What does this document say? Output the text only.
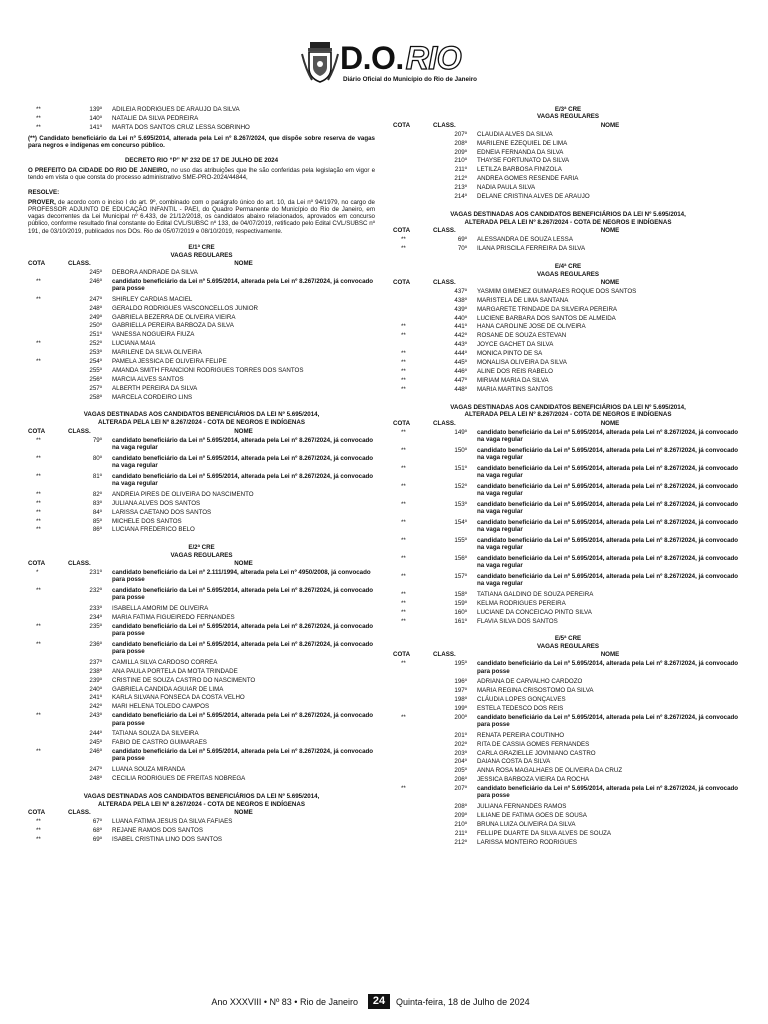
D.O.RIO
Diário Oficial do Município do Rio de Janeiro
**	139º	ADILEIA RODRIGUES DE ARAUJO DA SILVA
**	140º	NATALIE DA SILVA PEDREIRA
**	141º	MARTA DOS SANTOS CRUZ LESSA SOBRINHO
(**) Candidato beneficiário da Lei nº 5.695/2014, alterada pela Lei nº 8.267/2024, que dispõe sobre reserva de vagas para negros e indígenas em concurso público.
DECRETO RIO “P” Nº 232 DE 17 DE JULHO DE 2024
O PREFEITO DA CIDADE DO RIO DE JANEIRO, no uso das atribuições que lhe são conferidas pela legislação em vigor e tendo em vista o que consta do processo administrativo SME-PRO-2024/44844,
RESOLVE:
PROVER, de acordo com o inciso I do art. 9º, combinado com o parágrafo único do art. 10, da Lei nº 94/1979, no cargo de PROFESSOR ADJUNTO DE EDUCAÇÃO INFANTIL - PAEI, do Quadro Permanente do Município do Rio de Janeiro, em vagas decorrentes da Lei Municipal nº 6.433, de 21/12/2018, os candidatos abaixo relacionados, aprovados em concurso público, conforme resultado final constante do Edital CVL/SUBSC nº 133, de 04/07/2019, retificado pelo Edital CVL/SUBSC nº 191, de 03/10/2019, publicados nos DOs. Rio de 05/07/2019 e 08/10/2019, respectivamente.
E/1ª CRE
VAGAS REGULARES
COTA	CLASS.	NOME
245º	DEBORA ANDRADE DA SILVA
**	246º	candidato beneficiário da Lei nº 5.695/2014, alterada pela Lei nº 8.267/2024, já convocado para posse
**	247º	SHIRLEY CARDIAS MACIEL
248º	GERALDO RODRIGUES VASCONCELLOS JUNIOR
249º	GABRIELA BEZERRA DE OLIVEIRA VIEIRA
250º	GABRIELLA PEREIRA BARBOZA DA SILVA
251º	VANESSA NOGUEIRA FIUZA
**	252º	LUCIANA MAIA
253º	MARILENE DA SILVA OLIVEIRA
**	254º	PAMELA JESSICA DE OLIVEIRA FELIPE
255º	AMANDA SMITH FRANCIONI RODRIGUES TORRES DOS SANTOS
256º	MARCIA ALVES SANTOS
257º	ALBERTH PEREIRA DA SILVA
258º	MARCELA CORDEIRO LINS
VAGAS DESTINADAS AOS CANDIDATOS BENEFICIÁRIOS DA LEI Nº 5.695/2014,
ALTERADA PELA LEI Nº 8.267/2024 - COTA DE NEGROS E INDÍGENAS
COTA	CLASS.	NOME
**	79º	candidato beneficiário da Lei nº 5.695/2014, alterada pela Lei nº 8.267/2024, já convocado na vaga regular
**	80º	candidato beneficiário da Lei nº 5.695/2014, alterada pela Lei nº 8.267/2024, já convocado na vaga regular
**	81º	candidato beneficiário da Lei nº 5.695/2014, alterada pela Lei nº 8.267/2024, já convocado na vaga regular
**	82º	ANDREIA PIRES DE OLIVEIRA DO NASCIMENTO
**	83º	JULIANA ALVES DOS SANTOS
**	84º	LARISSA CAETANO DOS SANTOS
**	85º	MICHELE DOS SANTOS
**	86º	LUCIANA FREDERICO BELO
E/2ª CRE
VAGAS REGULARES
COTA	CLASS.	NOME
*	231º	candidato beneficiário da Lei nº 2.111/1994, alterada pela Lei nº 4950/2008, já convocado para posse
**	232º	candidato beneficiário da Lei nº 5.695/2014, alterada pela Lei nº 8.267/2024, já convocado para posse
233º	ISABELLA AMORIM DE OLIVEIRA
234º	MARIA FATIMA FIGUEIREDO FERNANDES
**	235º	candidato beneficiário da Lei nº 5.695/2014, alterada pela Lei nº 8.267/2024, já convocado para posse
**	236º	candidato beneficiário da Lei nº 5.695/2014, alterada pela Lei nº 8.267/2024, já convocado para posse
237º	CAMILLA SILVA CARDOSO CORREA
238º	ANA PAULA PORTELA DA MOTA TRINDADE
239º	CRISTINE DE SOUZA CASTRO DO NASCIMENTO
240º	GABRIELA CANDIDA AGUIAR DE LIMA
241º	KARLA SILVANA FONSECA DA COSTA VELHO
242º	MARI HELENA TOLEDO CAMPOS
**	243º	candidato beneficiário da Lei nº 5.695/2014, alterada pela Lei nº 8.267/2024, já convocado para posse
244º	TATIANA SOUZA DA SILVEIRA
245º	FABIO DE CASTRO GUIMARAES
**	246º	candidato beneficiário da Lei nº 5.695/2014, alterada pela Lei nº 8.267/2024, já convocado para posse
247º	LUANA SOUZA MIRANDA
248º	CECILIA RODRIGUES DE FREITAS NOBREGA
VAGAS DESTINADAS AOS CANDIDATOS BENEFICIÁRIOS DA LEI Nº 5.695/2014,
ALTERADA PELA LEI Nº 8.267/2024 - COTA DE NEGROS E INDÍGENAS
COTA	CLASS.	NOME
**	67º	LUANA FATIMA JESUS DA SILVA FAFIAES
**	68º	REJANE RAMOS DOS SANTOS
**	69º	ISABEL CRISTINA LINO DOS SANTOS
E/3ª CRE
VAGAS REGULARES
COTA	CLASS.	NOME
207º	CLAUDIA ALVES DA SILVA
208º	MARILENE EZEQUIEL DE LIMA
209º	EDNEIA FERNANDA DA SILVA
210º	THAYSE FORTUNATO DA SILVA
211º	LETILZA BARBOSA FINIZOLA
212º	ANDREA GOMES RESENDE FARIA
213º	NADIA PAULA SILVA
214º	DELANE CRISTINA ALVES DE ARAUJO
VAGAS DESTINADAS AOS CANDIDATOS BENEFICIÁRIOS DA LEI Nº 5.695/2014,
ALTERADA PELA LEI Nº 8.267/2024 - COTA DE NEGROS E INDÍGENAS
COTA	CLASS.	NOME
**	69º	ALESSANDRA DE SOUZA LESSA
**	70º	ILANA PRISCILA FERREIRA DA SILVA
E/4ª CRE
VAGAS REGULARES
COTA	CLASS.	NOME
437º	YASMIM GIMENEZ GUIMARAES ROQUE DOS SANTOS
438º	MARISTELA DE LIMA SANTANA
439º	MARGARETE TRINDADE DA SILVEIRA PEREIRA
440º	LUCIENE BARBARA DOS SANTOS DE ALMEIDA
**	441º	HANA CAROLINE JOSE DE OLIVEIRA
**	442º	ROSANE DE SOUZA ESTEVAN
443º	JOYCE GACHET DA SILVA
**	444º	MONICA PINTO DE SA
**	445º	MONALISA OLIVEIRA DA SILVA
**	446º	ALINE DOS REIS RABELO
**	447º	MIRIAM MARIA DA SILVA
**	448º	MARIA MARTINS SANTOS
VAGAS DESTINADAS AOS CANDIDATOS BENEFICIÁRIOS DA LEI Nº 5.695/2014,
ALTERADA PELA LEI Nº 8.267/2024 - COTA DE NEGROS E INDÍGENAS
COTA	CLASS.	NOME
**	149º	candidato beneficiário da Lei nº 5.695/2014, alterada pela Lei nº 8.267/2024, já convocado na vaga regular
**	150º	candidato beneficiário da Lei nº 5.695/2014, alterada pela Lei nº 8.267/2024, já convocado na vaga regular
**	151º	candidato beneficiário da Lei nº 5.695/2014, alterada pela Lei nº 8.267/2024, já convocado na vaga regular
**	152º	candidato beneficiário da Lei nº 5.695/2014, alterada pela Lei nº 8.267/2024, já convocado na vaga regular
**	153º	candidato beneficiário da Lei nº 5.695/2014, alterada pela Lei nº 8.267/2024, já convocado na vaga regular
**	154º	candidato beneficiário da Lei nº 5.695/2014, alterada pela Lei nº 8.267/2024, já convocado na vaga regular
**	155º	candidato beneficiário da Lei nº 5.695/2014, alterada pela Lei nº 8.267/2024, já convocado na vaga regular
**	156º	candidato beneficiário da Lei nº 5.695/2014, alterada pela Lei nº 8.267/2024, já convocado na vaga regular
**	157º	candidato beneficiário da Lei nº 5.695/2014, alterada pela Lei nº 8.267/2024, já convocado na vaga regular
**	158º	TATIANA GALDINO DE SOUZA PEREIRA
**	159º	KELMA RODRIGUES PEREIRA
**	160º	LUCIANE DA CONCEICAO PINTO SILVA
**	161º	FLAVIA SILVA DOS SANTOS
E/5ª CRE
VAGAS REGULARES
COTA	CLASS.	NOME
**	195º	candidato beneficiário da Lei nº 5.695/2014, alterada pela Lei nº 8.267/2024, já convocado para posse
196º	ADRIANA DE CARVALHO CARDOZO
197º	MARIA REGINA CRISOSTOMO DA SILVA
198º	CLÁUDIA LOPES GONÇALVES
199º	ESTELA TEDESCO DOS REIS
**	200º	candidato beneficiário da Lei nº 5.695/2014, alterada pela Lei nº 8.267/2024, já convocado para posse
201º	RENATA PEREIRA COUTINHO
202º	RITA DE CASSIA GOMES FERNANDES
203º	CARLA GRAZIELLE JOVINIANO CASTRO
204º	DAIANA COSTA DA SILVA
205º	ANNA ROSA MAGALHAES DE OLIVEIRA DA CRUZ
206º	JESSICA BARBOZA VIEIRA DA ROCHA
**	207º	candidato beneficiário da Lei nº 5.695/2014, alterada pela Lei nº 8.267/2024, já convocado para posse
208º	JULIANA FERNANDES RAMOS
209º	LILIANE DE FATIMA GOES DE SOUSA
210º	BRUNA LUIZA OLIVEIRA DA SILVA
211º	FELLIPE DUARTE DA SILVA ALVES DE SOUZA
212º	LARISSA MONTEIRO RODRIGUES
Ano XXXVIII • Nº 83 • Rio de Janeiro	24	Quinta-feira, 18 de Julho de 2024
